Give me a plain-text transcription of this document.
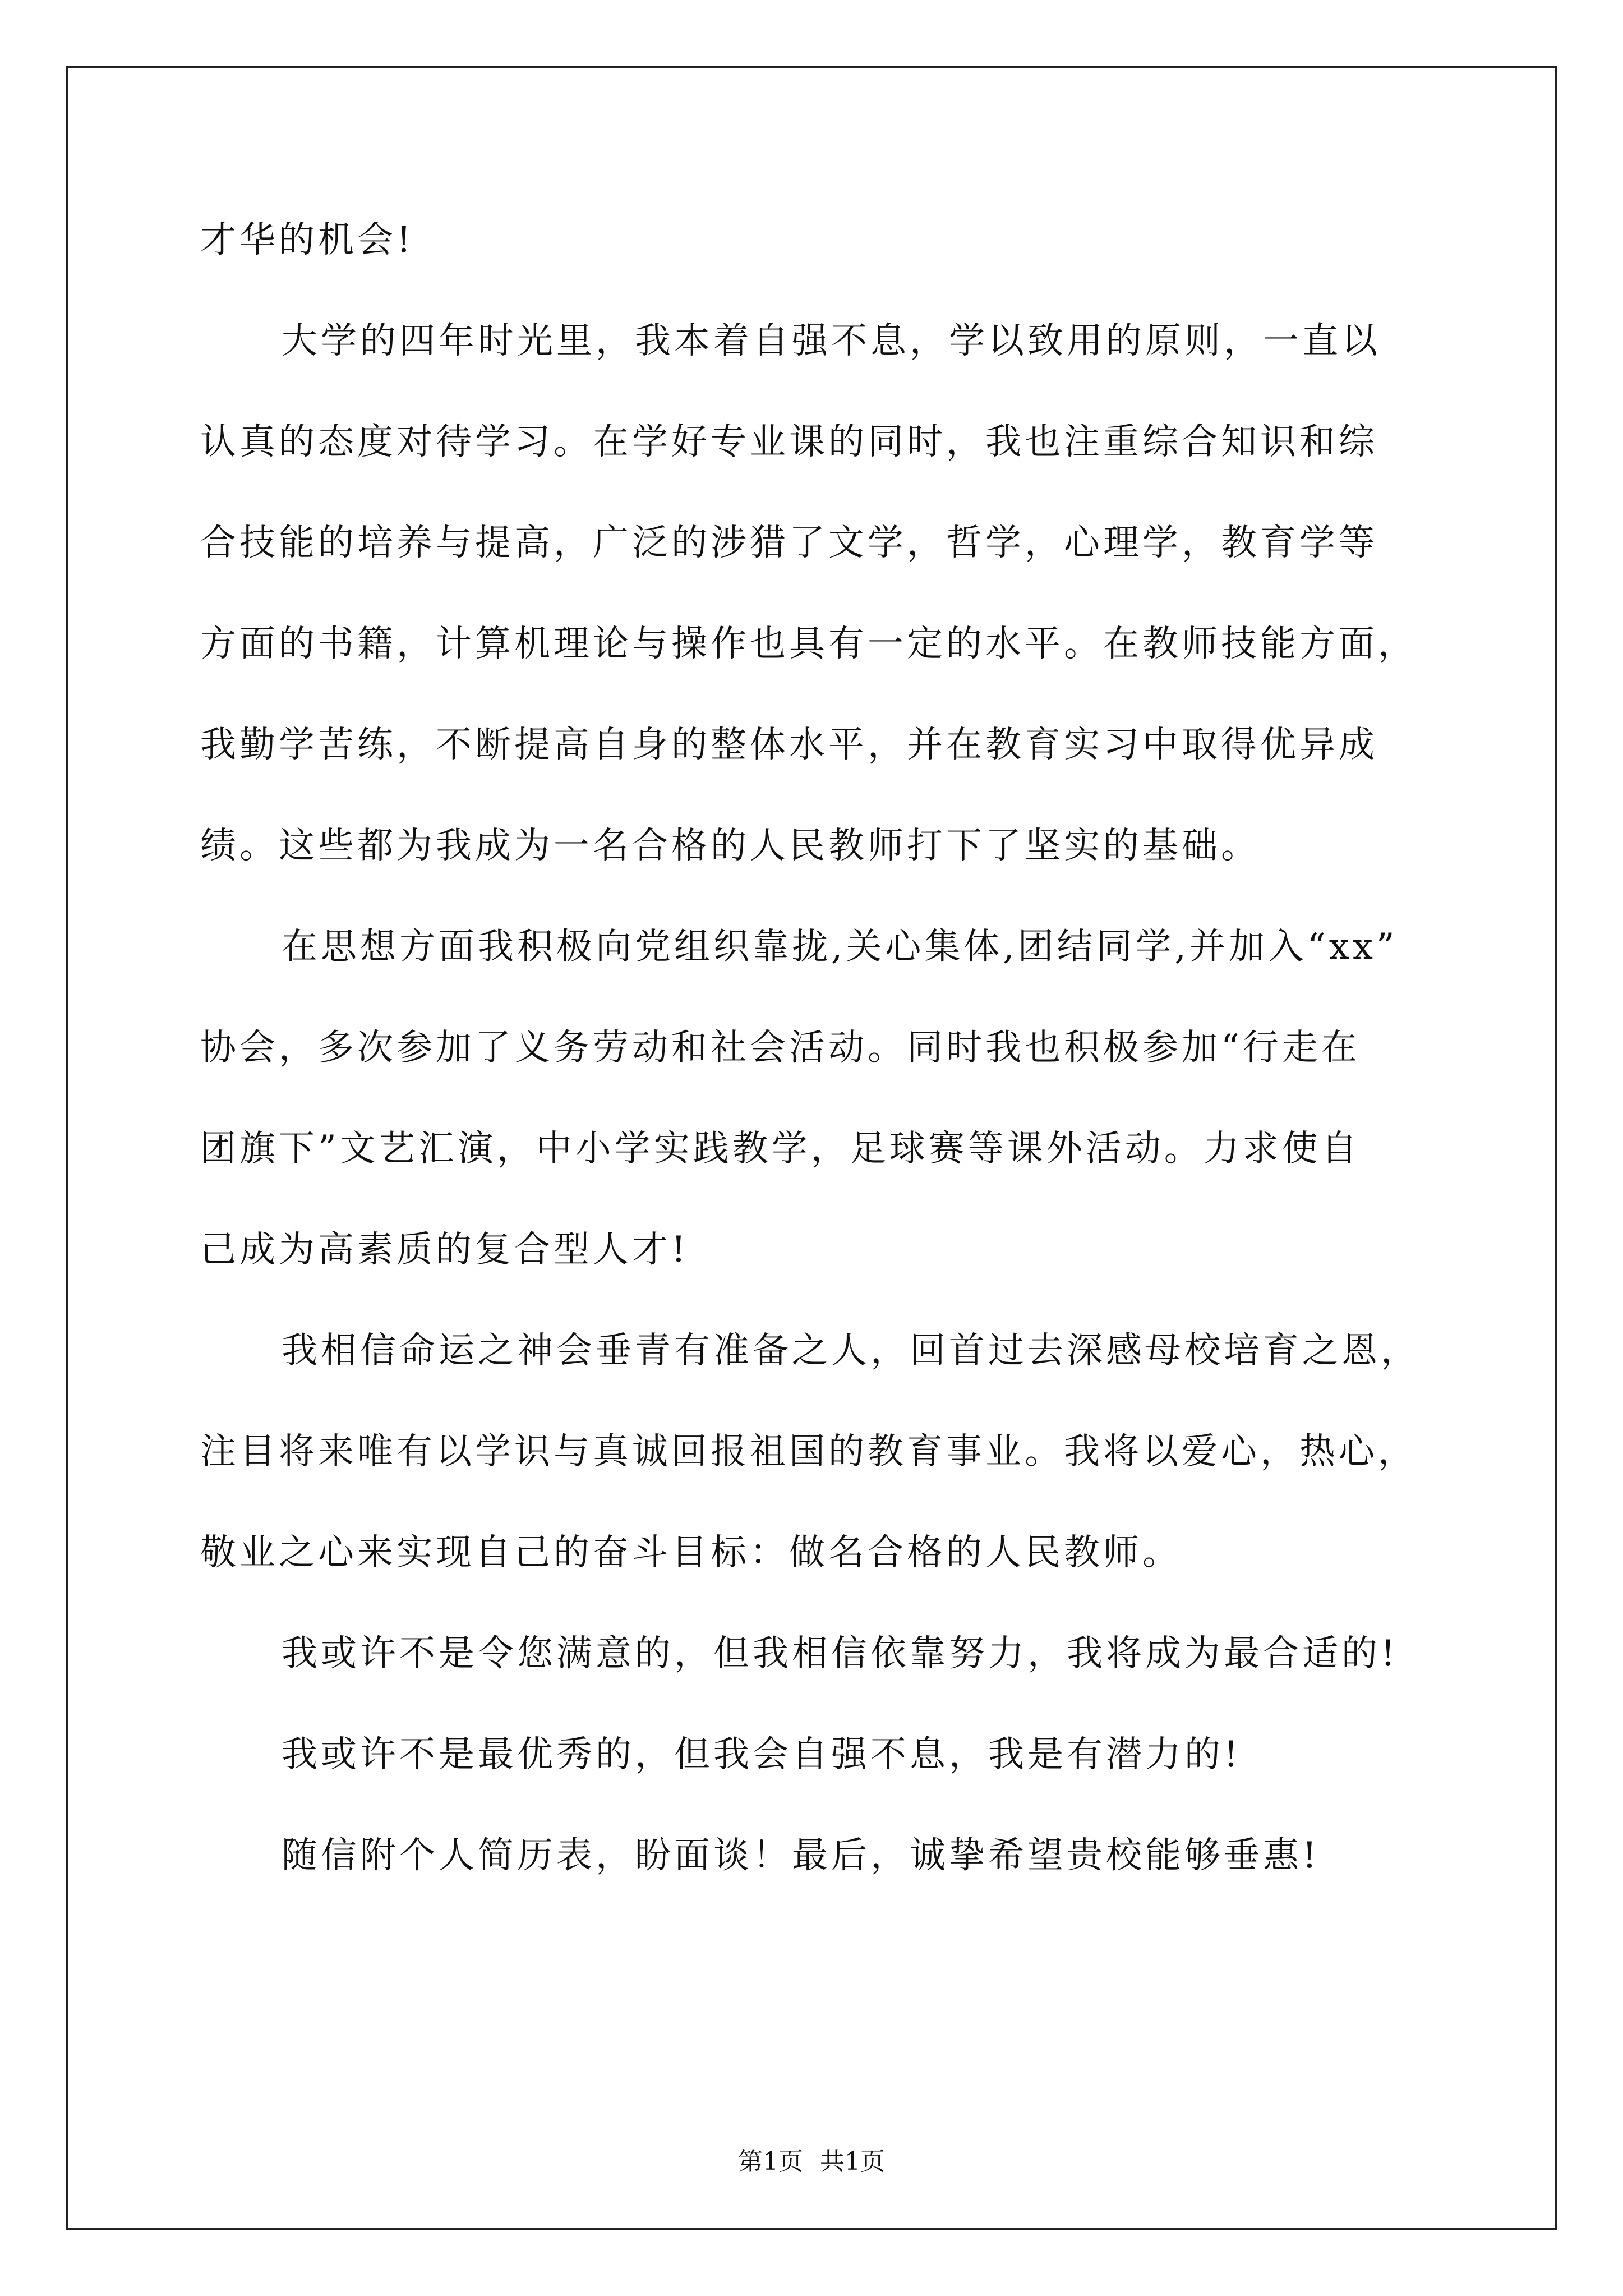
才华的机会!
大学的四年时光里，我本着自强不息，学以致用的原则，一直以
认真的态度对待学习。在学好专业课的同时，我也注重综合知识和综
合技能的培养与提高，广泛的涉猎了文学，哲学，心理学，教育学等
方面的书籍，计算机理论与操作也具有一定的水平。在教师技能方面，
我勤学苦练，不断提高自身的整体水平，并在教育实习中取得优异成
绩。这些都为我成为一名合格的人民教师打下了坚实的基础。
在思想方面我积极向党组织靠拢,关心集体,团结同学,并加入“xx”
协会，多次参加了义务劳动和社会活动。同时我也积极参加“行走在
团旗下”文艺汇演，中小学实践教学，足球赛等课外活动。力求使自
己成为高素质的复合型人才!
我相信命运之神会垂青有准备之人，回首过去深感母校培育之恩，
注目将来唯有以学识与真诚回报祖国的教育事业。我将以爱心，热心，
敬业之心来实现自己的奋斗目标：做名合格的人民教师。
我或许不是令您满意的，但我相信依靠努力，我将成为最合适的!
我或许不是最优秀的，但我会自强不息，我是有潜力的!
随信附个人简历表，盼面谈！最后，诚挚希望贵校能够垂惠!
第1页 共1页
